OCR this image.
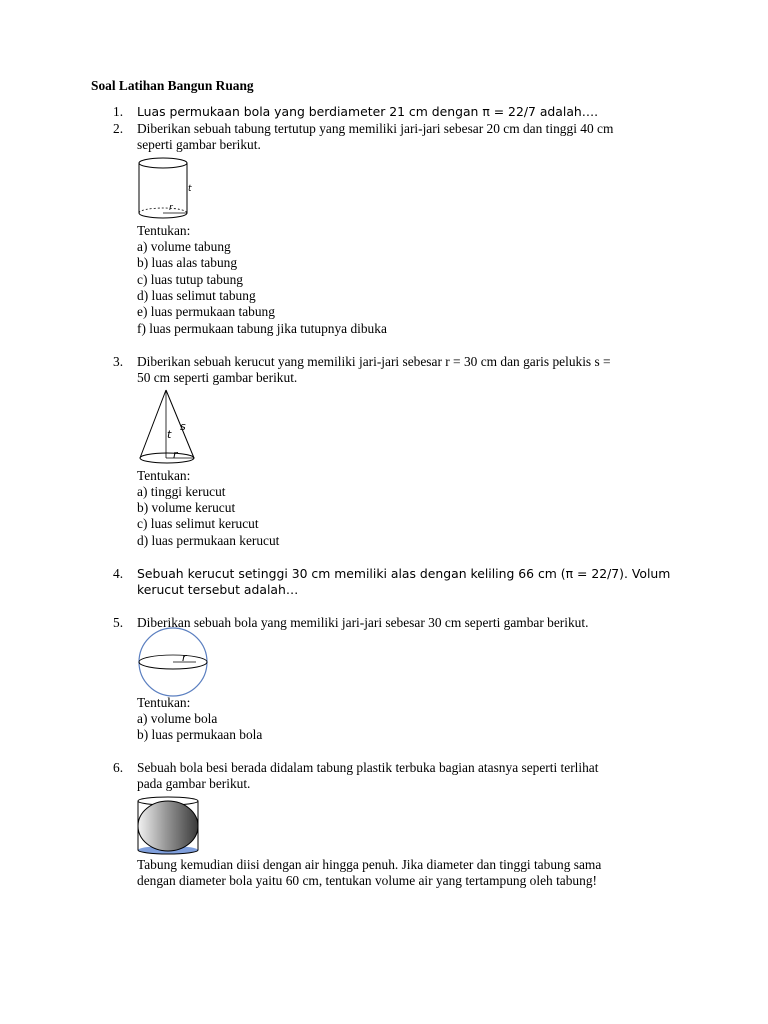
Soal Latihan Bangun Ruang
1. Luas permukaan bola yang berdiameter 21 cm dengan π = 22/7 adalah….
2. Diberikan sebuah tabung tertutup yang memiliki jari-jari sebesar 20 cm dan tinggi 40 cm
seperti gambar berikut.
t
r
Tentukan:
a) volume tabung
b) luas alas tabung
c) luas tutup tabung
d) luas selimut tabung
e) luas permukaan tabung
f) luas permukaan tabung jika tutupnya dibuka
3. Diberikan sebuah kerucut yang memiliki jari-jari sebesar r = 30 cm dan garis pelukis s =
50 cm seperti gambar berikut.
s
t
r
Tentukan:
a) tinggi kerucut
b) volume kerucut
c) luas selimut kerucut
d) luas permukaan kerucut
4. Sebuah kerucut setinggi 30 cm memiliki alas dengan keliling 66 cm (π = 22/7). Volum
kerucut tersebut adalah…
5. Diberikan sebuah bola yang memiliki jari-jari sebesar 30 cm seperti gambar berikut.
r
Tentukan:
a) volume bola
b) luas permukaan bola
6. Sebuah bola besi berada didalam tabung plastik terbuka bagian atasnya seperti terlihat
pada gambar berikut.
Tabung kemudian diisi dengan air hingga penuh. Jika diameter dan tinggi tabung sama
dengan diameter bola yaitu 60 cm, tentukan volume air yang tertampung oleh tabung!
